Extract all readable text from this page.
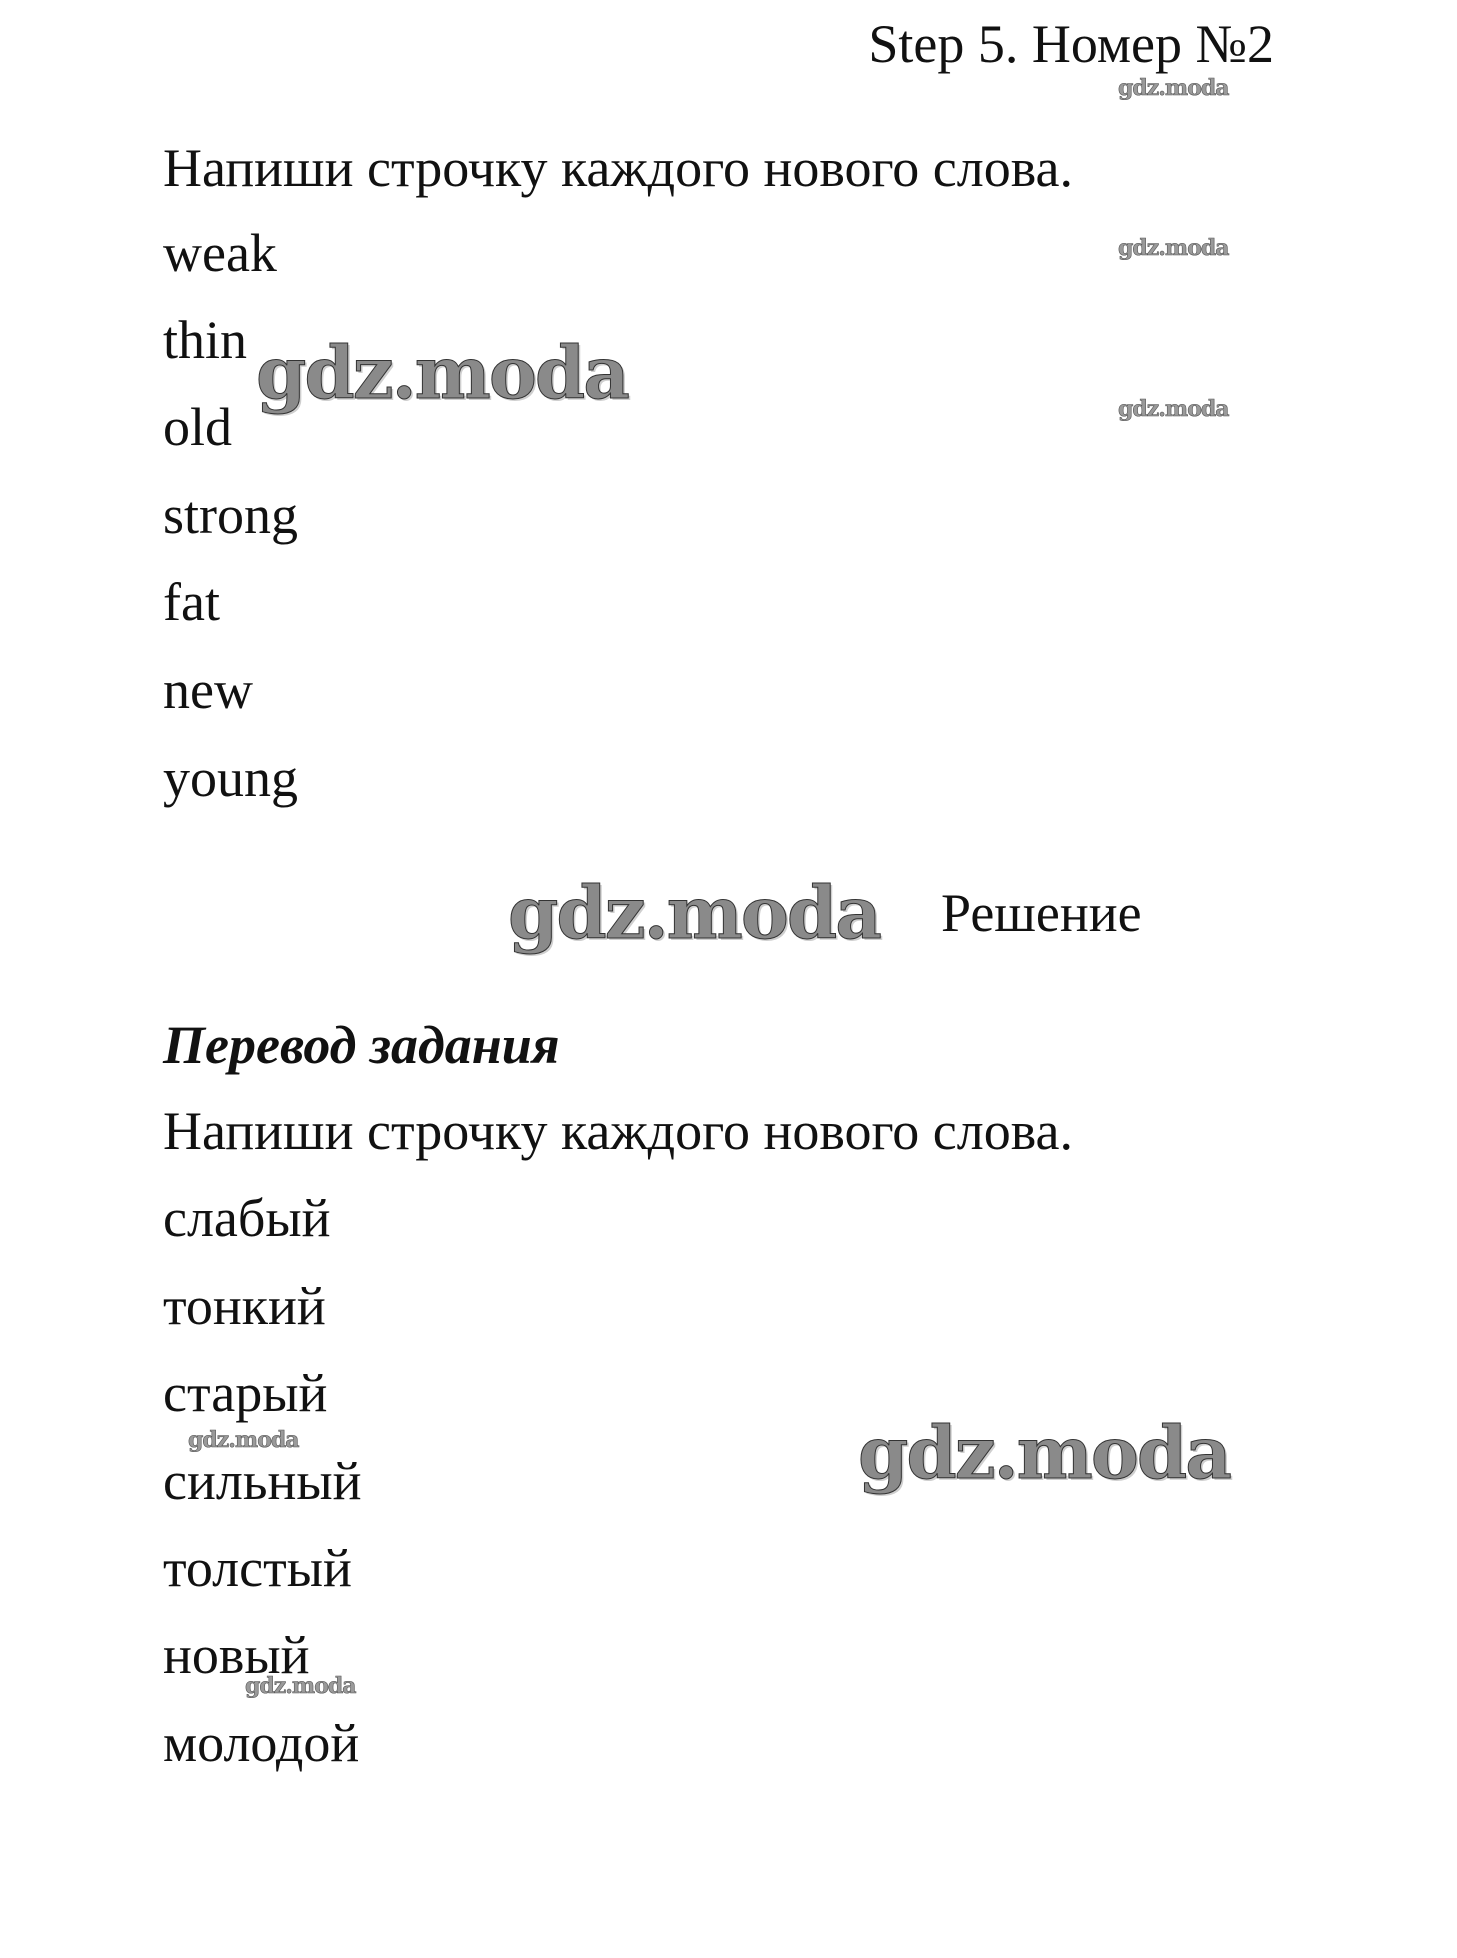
Step 5. Номер №2
Напиши строчку каждого нового слова.
weak
thin
old
strong
fat
new
young
Решение
Перевод задания
Напиши строчку каждого нового слова.
слабый
тонкий
старый
сильный
толстый
новый
молодой
gdz.moda
gdz.moda
gdz.moda
gdz.moda
gdz.moda
gdz.moda	gdz.moda
gdz.moda
